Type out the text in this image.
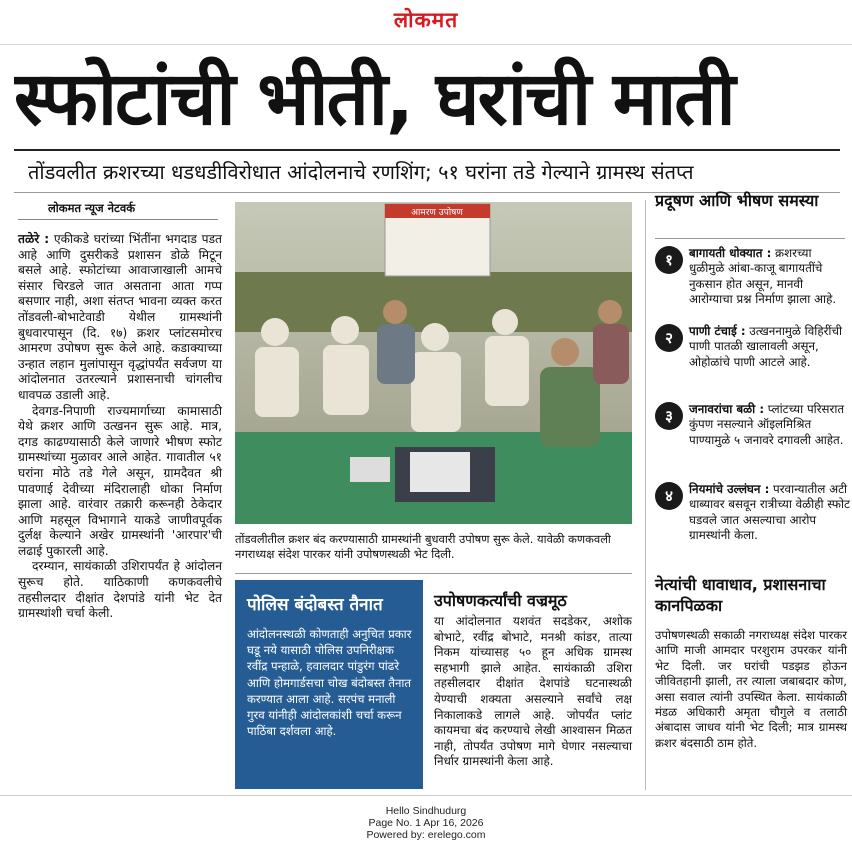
लोकमत
स्फोटांची भीती, घरांची माती
तोंडवलीत क्रशरच्या धडधडीविरोधात आंदोलनाचे रणशिंग; ५१ घरांना तडे गेल्याने ग्रामस्थ संतप्त
लोकमत न्यूज नेटवर्क

तळेरे : एकीकडे घरांच्या भिंतींना भगदाड पडत आहे आणि दुसरीकडे प्रशासन डोळे मिटून बसले आहे. स्फोटांच्या आवाजाखाली आमचे संसार चिरडले जात असताना आता गप्प बसणार नाही, अशा संतप्त भावना व्यक्त करत तोंडवली-बोभाटेवाडी येथील ग्रामस्थांनी बुधवारपासून (दि. १७) क्रशर प्लांटसमोरच आमरण उपोषण सुरू केले आहे. कडाक्याच्या उन्हात लहान मुलांपासून वृद्धांपर्यंत सर्वजण या आंदोलनात उतरल्याने प्रशासनाची चांगलीच धावपळ उडाली आहे.

देवगड-निपाणी राज्यमार्गाच्या कामासाठी येथे क्रशर आणि उत्खनन सुरू आहे. मात्र, दगड काढण्यासाठी केले जाणारे भीषण स्फोट ग्रामस्थांच्या मुळावर आले आहेत. गावातील ५१ घरांना मोठे तडे गेले असून, ग्रामदैवत श्री पावणाई देवीच्या मंदिरालाही धोका निर्माण झाला आहे. वारंवार तक्रारी करूनही ठेकेदार आणि महसूल विभागाने याकडे जाणीवपूर्वक दुर्लक्ष केल्याने अखेर ग्रामस्थांनी 'आरपार'ची लढाई पुकारली आहे.

दरम्यान, सायंकाळी उशिरापर्यंत हे आंदोलन सुरूच होते. याठिकाणी कणकवलीचे तहसीलदार दीक्षांत देशपांडे यांनी भेट देत ग्रामस्थांशी चर्चा केली.

आमरण उपोषण
तोंडवलीतील क्रशर बंद करण्यासाठी ग्रामस्थांनी बुधवारी उपोषण सुरू केले. यावेळी कणकवली नगराध्यक्ष संदेश पारकर यांनी उपोषणस्थळी भेट दिली.
पोलिस बंदोबस्त तैनात
आंदोलनस्थळी कोणताही अनुचित प्रकार घडू नये यासाठी पोलिस उपनिरीक्षक रवींद्र पन्हाळे, हवालदार पांडुरंग पांढरे आणि होमगार्डसचा चोख बंदोबस्त तैनात करण्यात आला आहे. सरपंच मनाली गुरव यांनीही आंदोलकांशी चर्चा करून पाठिंबा दर्शवला आहे.
उपोषणकर्त्यांची वज्रमूठ
या आंदोलनात यशवंत सदडेकर, अशोक बोभाटे, रवींद्र बोभाटे, मनश्री कांडर, तात्या निकम यांच्यासह ५० हून अधिक ग्रामस्थ सहभागी झाले आहेत. सायंकाळी उशिरा तहसीलदार दीक्षांत देशपांडे घटनास्थळी येण्याची शक्यता असल्याने सर्वांचे लक्ष निकालाकडे लागले आहे. जोपर्यंत प्लांट कायमचा बंद करण्याचे लेखी आश्वासन मिळत नाही, तोपर्यंत उपोषण मागे घेणार नसल्याचा निर्धार ग्रामस्थांनी केला आहे.
प्रदूषण आणि भीषण समस्या
१	बागायती धोक्यात : क्रशरच्या धुळीमुळे आंबा-काजू बागायतींचे नुकसान होत असून, मानवी आरोग्याचा प्रश्न निर्माण झाला आहे.
२	पाणी टंचाई : उत्खननामुळे विहिरींची पाणी पातळी खालावली असून, ओहोळांचे पाणी आटले आहे.
३	जनावरांचा बळी : प्लांटच्या परिसरात कुंपण नसल्याने ऑइलमिश्रित पाण्यामुळे ५ जनावरे दगावली आहेत.
४	नियमांचे उल्लंघन : परवान्यातील अटी धाब्यावर बसवून रात्रीच्या वेळीही स्फोट घडवले जात असल्याचा आरोप ग्रामस्थांनी केला.
नेत्यांची धावाधाव, प्रशासनाचा कानपिळका
उपोषणस्थळी सकाळी नगराध्यक्ष संदेश पारकर आणि माजी आमदार परशुराम उपरकर यांनी भेट दिली. जर घरांची पडझड होऊन जीवितहानी झाली, तर त्याला जबाबदार कोण, असा सवाल त्यांनी उपस्थित केला. सायंकाळी मंडळ अधिकारी अमृता चौगुले व तलाठी अंबादास जाधव यांनी भेट दिली; मात्र ग्रामस्थ क्रशर बंदसाठी ठाम होते.
Hello Sindhudurg
Page No. 1 Apr 16, 2026
Powered by: erelego.com
